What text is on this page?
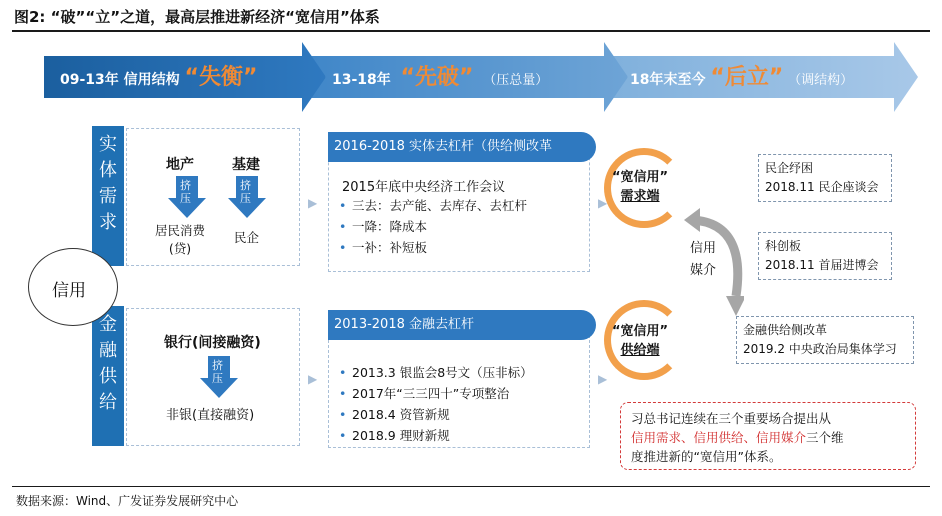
图2: “破”“立”之道，最高层推进新经济“宽信用”体系
09-13年 信用结构 “失衡”	13-18年 “先破” （压总量）	18年末至今 “后立” （调结构）
信用
实
体
需
求
地产	基建
挤
压
挤
压
居民消费(贷)
民企
金
融
供
给
银行(间接融资)
挤
压
非银(直接融资)
▶
▶
▶
▶
2016-2018 实体去杠杆（供给侧改革
2015年底中央经济工作会议
• 三去：去产能、去库存、去杠杆
• 一降：降成本
• 一补：补短板
2013-2018 金融去杠杆
• 2013.3 银监会8号文（压非标）
• 2017年“三三四十”专项整治
• 2018.4 资管新规
• 2018.9 理财新规
“宽信用”
需求端
“宽信用”
供给端
信用
媒介
民企纾困
2018.11 民企座谈会
科创板
2018.11 首届进博会
金融供给侧改革
2019.2 中央政治局集体学习
习总书记连续在三个重要场合提出从
信用需求、信用供给、信用媒介三个维
度推进新的“宽信用”体系。
数据来源：Wind、广发证券发展研究中心
